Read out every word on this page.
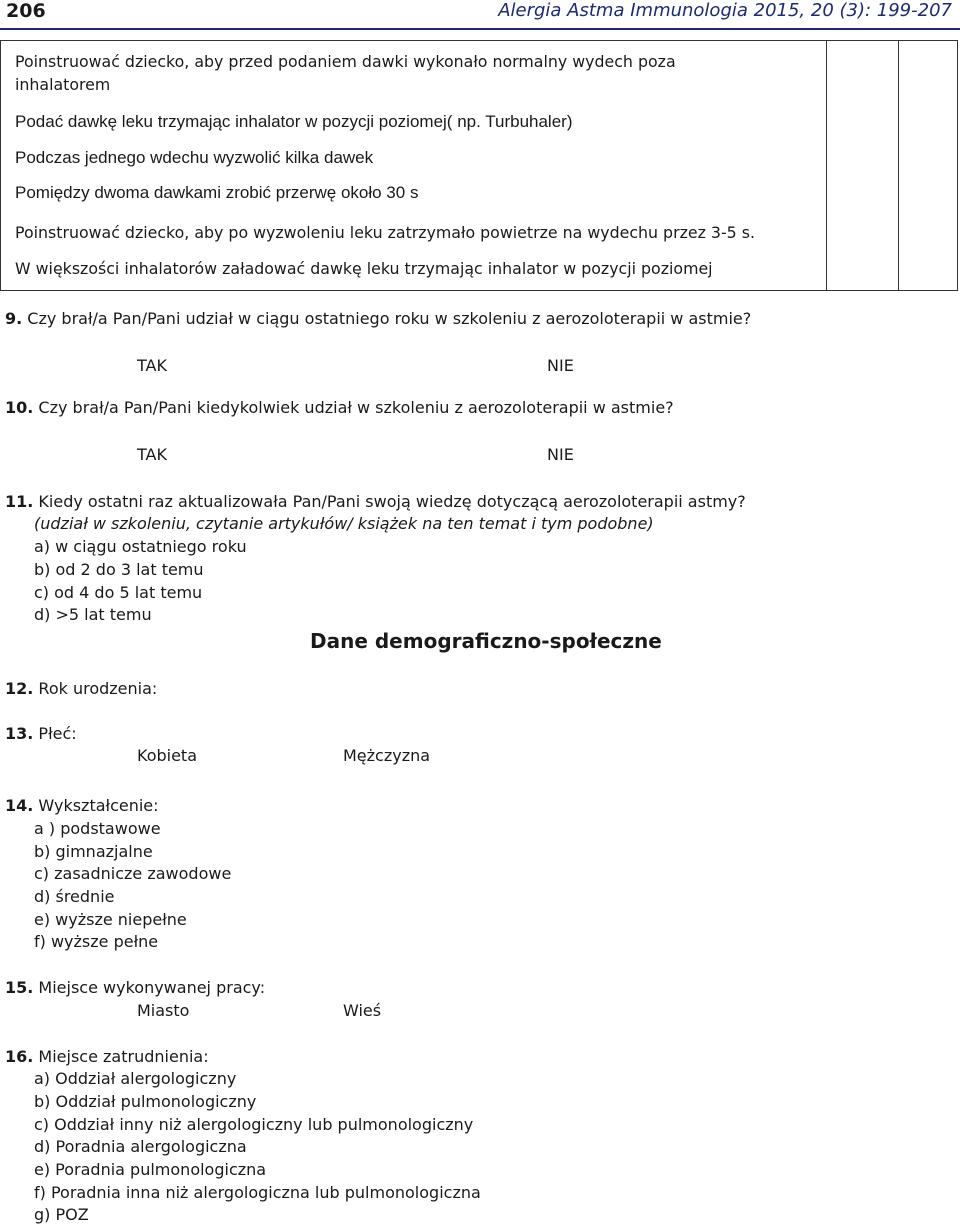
206	Alergia Astma Immunologia 2015, 20 (3): 199-207
Poinstruować dziecko, aby przed podaniem dawki wykonało normalny wydech poza
inhalatorem
Podać dawkę leku trzymając inhalator w pozycji poziomej( np. Turbuhaler)
Podczas jednego wdechu wyzwolić kilka dawek
Pomiędzy dwoma dawkami zrobić przerwę około 30 s
Poinstruować dziecko, aby po wyzwoleniu leku zatrzymało powietrze na wydechu przez 3-5 s.
W większości inhalatorów załadować dawkę leku trzymając inhalator w pozycji poziomej
9. Czy brał/a Pan/Pani udział w ciągu ostatniego roku w szkoleniu z aerozoloterapii w astmie?
TAK	NIE
10. Czy brał/a Pan/Pani kiedykolwiek udział w szkoleniu z aerozoloterapii w astmie?
TAK	NIE
11. Kiedy ostatni raz aktualizowała Pan/Pani swoją wiedzę dotyczącą aerozoloterapii astmy?
(udział w szkoleniu, czytanie artykułów/ książek na ten temat i tym podobne)
a) w ciągu ostatniego roku
b) od 2 do 3 lat temu
c) od 4 do 5 lat temu
d) >5 lat temu
Dane demograficzno-społeczne
12. Rok urodzenia:
13. Płeć:
Kobieta	Mężczyzna
14. Wykształcenie:
a ) podstawowe
b) gimnazjalne
c) zasadnicze zawodowe
d) średnie
e) wyższe niepełne
f) wyższe pełne
15. Miejsce wykonywanej pracy:
Miasto	Wieś
16. Miejsce zatrudnienia:
a) Oddział alergologiczny
b) Oddział pulmonologiczny
c) Oddział inny niż alergologiczny lub pulmonologiczny
d) Poradnia alergologiczna
e) Poradnia pulmonologiczna
f) Poradnia inna niż alergologiczna lub pulmonologiczna
g) POZ
